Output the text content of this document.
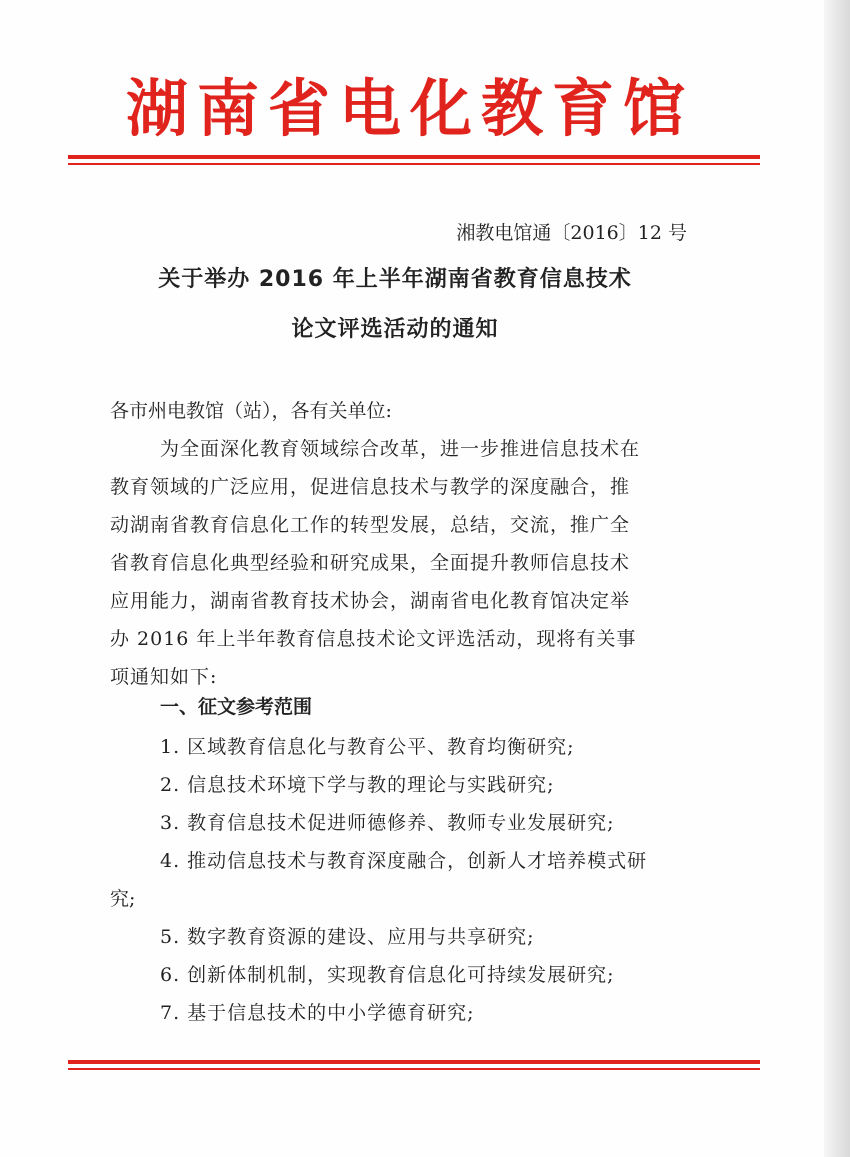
湖南省电化教育馆
湘教电馆通〔2016〕12 号
关于举办 2016 年上半年湖南省教育信息技术
论文评选活动的通知
各市州电教馆（站），各有关单位:
为全面深化教育领域综合改革，进一步推进信息技术在
教育领域的广泛应用，促进信息技术与教学的深度融合，推
动湖南省教育信息化工作的转型发展，总结，交流，推广全
省教育信息化典型经验和研究成果，全面提升教师信息技术
应用能力，湖南省教育技术协会，湖南省电化教育馆决定举
办 2016 年上半年教育信息技术论文评选活动，现将有关事
项通知如下:
一、征文参考范围
1. 区域教育信息化与教育公平、教育均衡研究;
2. 信息技术环境下学与教的理论与实践研究;
3. 教育信息技术促进师德修养、教师专业发展研究;
4. 推动信息技术与教育深度融合，创新人才培养模式研
究;
5. 数字教育资源的建设、应用与共享研究;
6. 创新体制机制，实现教育信息化可持续发展研究;
7. 基于信息技术的中小学德育研究;
